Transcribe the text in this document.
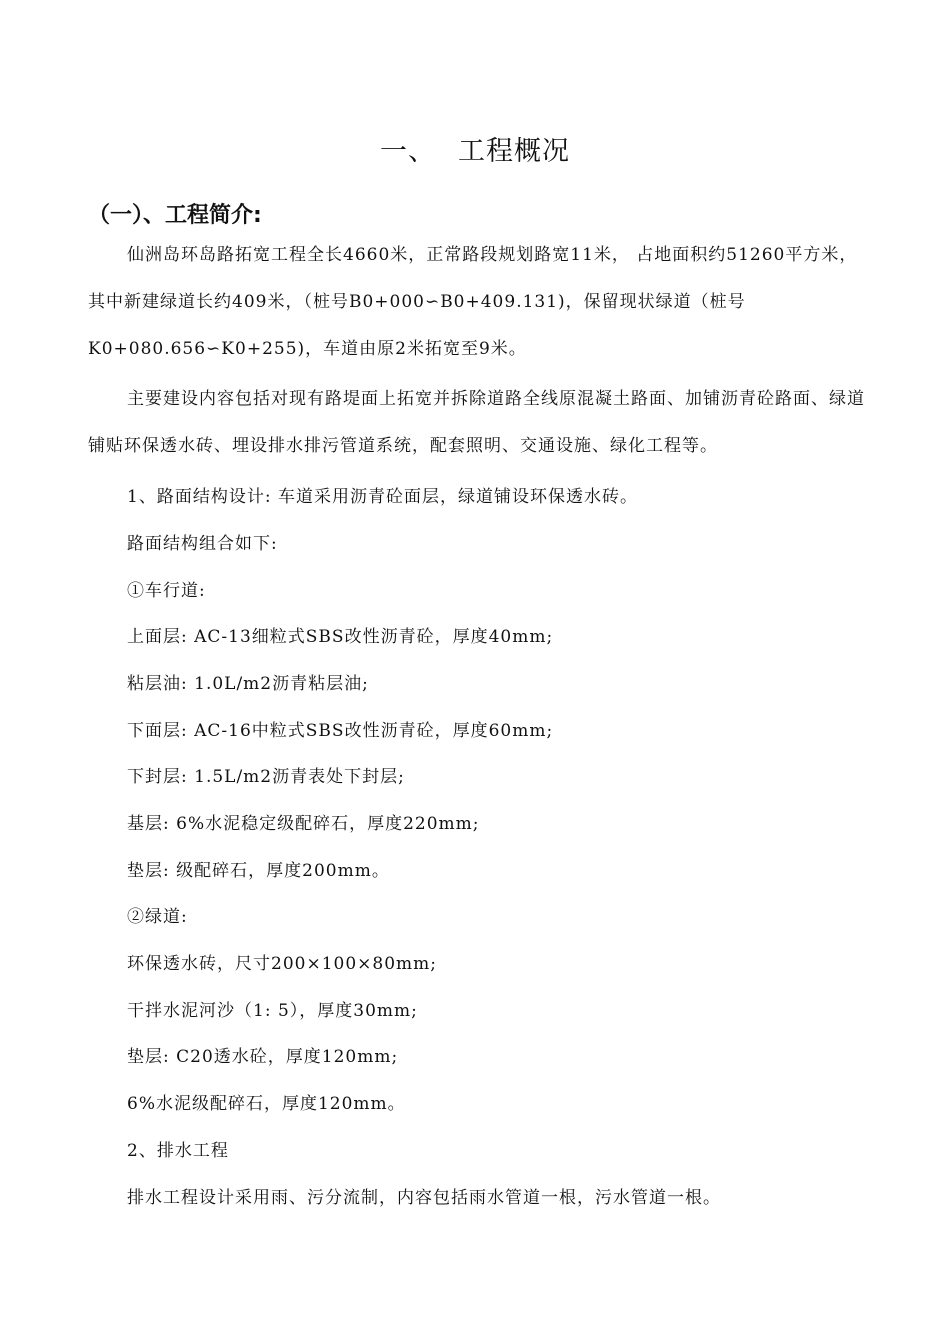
一、 工程概况
（一）、工程简介:

仙洲岛环岛路拓宽工程全长4660米，正常路段规划路宽11米， 占地面积约51260平方米，其中新建绿道长约409米，（桩号B0+000∽B0+409.131)，保留现状绿道（桩号K0+080.656∽K0+255)，车道由原2米拓宽至9米。

主要建设内容包括对现有路堤面上拓宽并拆除道路全线原混凝土路面、加铺沥青砼路面、绿道铺贴环保透水砖、埋设排水排污管道系统，配套照明、交通设施、绿化工程等。

1、路面结构设计: 车道采用沥青砼面层，绿道铺设环保透水砖。
路面结构组合如下:
①车行道:
上面层: AC-13细粒式SBS改性沥青砼，厚度40mm;
粘层油: 1.0L/m2沥青粘层油;
下面层: AC-16中粒式SBS改性沥青砼，厚度60mm;
下封层: 1.5L/m2沥青表处下封层;
基层: 6%水泥稳定级配碎石，厚度220mm;
垫层: 级配碎石，厚度200mm。
②绿道:
环保透水砖，尺寸200×100×80mm;
干拌水泥河沙（1: 5），厚度30mm;
垫层: C20透水砼，厚度120mm;
6%水泥级配碎石，厚度120mm。
2、排水工程
排水工程设计采用雨、污分流制，内容包括雨水管道一根，污水管道一根。
